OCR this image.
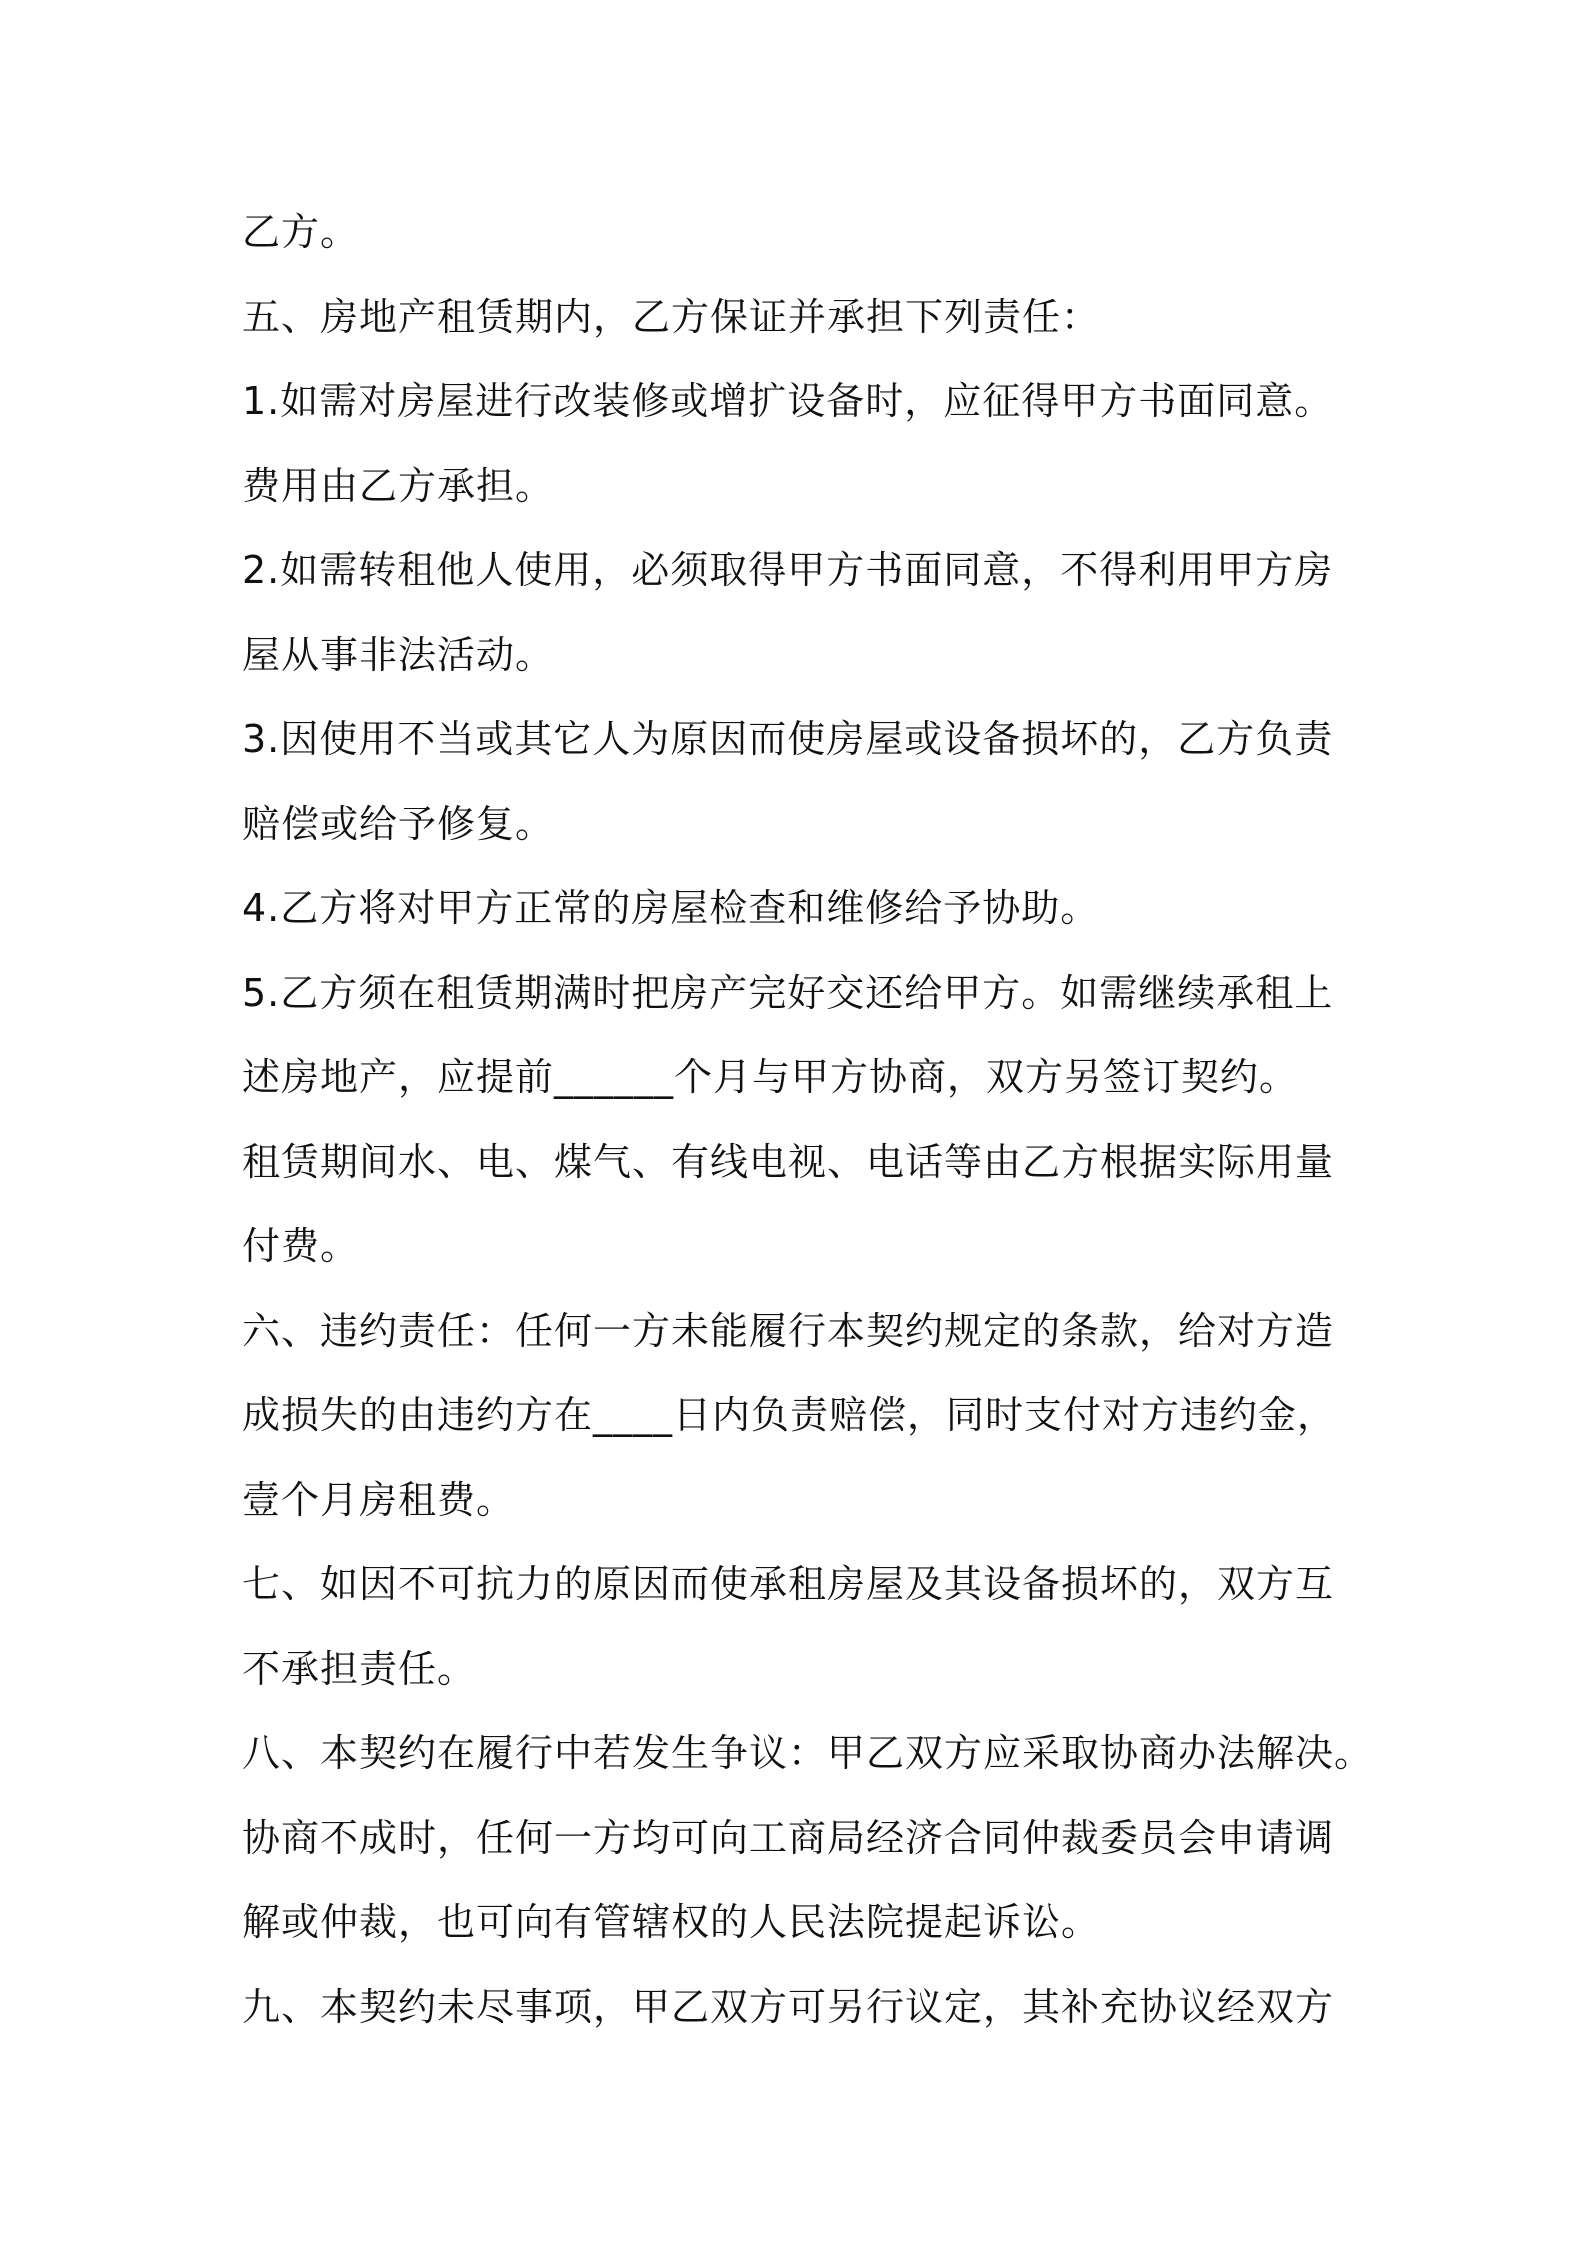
乙方。
五、房地产租赁期内，乙方保证并承担下列责任：
1.如需对房屋进行改装修或增扩设备时，应征得甲方书面同意。
费用由乙方承担。
2.如需转租他人使用，必须取得甲方书面同意，不得利用甲方房
屋从事非法活动。
3.因使用不当或其它人为原因而使房屋或设备损坏的，乙方负责
赔偿或给予修复。
4.乙方将对甲方正常的房屋检查和维修给予协助。
5.乙方须在租赁期满时把房产完好交还给甲方。如需继续承租上
述房地产，应提前______个月与甲方协商，双方另签订契约。
租赁期间水、电、煤气、有线电视、电话等由乙方根据实际用量
付费。
六、违约责任：任何一方未能履行本契约规定的条款，给对方造
成损失的由违约方在____日内负责赔偿，同时支付对方违约金，
壹个月房租费。
七、如因不可抗力的原因而使承租房屋及其设备损坏的，双方互
不承担责任。
八、本契约在履行中若发生争议：甲乙双方应采取协商办法解决。
协商不成时，任何一方均可向工商局经济合同仲裁委员会申请调
解或仲裁，也可向有管辖权的人民法院提起诉讼。
九、本契约未尽事项，甲乙双方可另行议定，其补充协议经双方
